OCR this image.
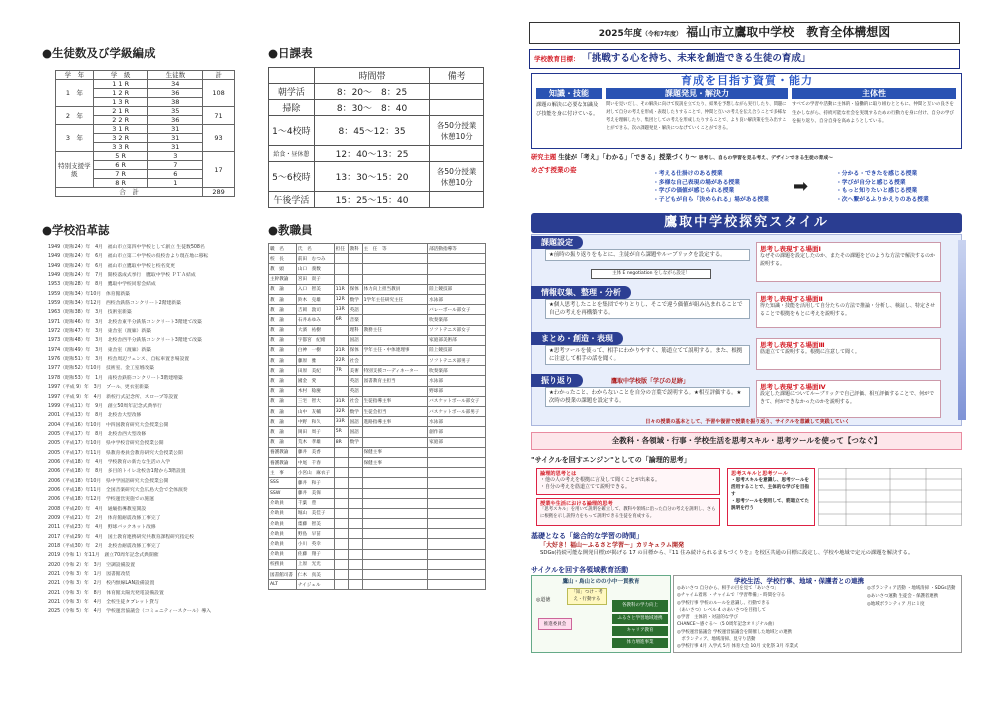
●生徒数及び学級編成
学　年	学　級	生徒数	計
1　年	1 1 R	34	108
	1 2 R	36	
	1 3 R	38	
2　年	2 1 R	35	71
	2 2 R	36	
3　年	3 1 R	31	93
	3 2 R	31	
	3 3 R	31	
特別支援学級	5 R	3	17
	6 R	7	
	7 R	6	
	8 R	1	
合　計			289
●学校沿革誌
1949（昭和24）年　4月　福山市立第四中学校として創立 生徒数508名
1949（昭和24）年　6月　福山市立第二中学校の仮校舎より現在地に移転
1949（昭和24）年　6月　福山市立鷹取中学校と校名変更
1949（昭和24）年　7月　開校落成式挙行　鷹取中学校 ＰＴＡ結成
1953（昭和28）年　8月　鷹取中学校同窓会結成
1959（昭和34）年10月　体育館新築
1959（昭和34）年12月　西校舎鉄筋コンクリート2階建新築
1963（昭和38）年　3月　技術室新築
1971（昭和46）年　3月　北校舎東半分鉄筋コンクリート3階建て改築
1972（昭和47）年　3月　東舎室（渡廊）新築
1973（昭和48）年　3月　北校舎西半分鉄筋コンクリート3階建て改築
1974（昭和49）年　3月　東舎室（渡廊）新築
1976（昭和51）年　3月　校舎周辺フェンス、自転車置き場設置
1977（昭和52）年10月　技術室、金工室増改築
1978（昭和53）年　1月　南校舎鉄筋コンクリート3階建増築
1997（平成 9）年　3月　プール、更衣室新築
1997（平成 9）年　4月　新校行式記念所、スロープ等設置
1999（平成11）年　9月　創立50周年記念式典挙行
2001（平成13）年　8月　北校舎大型改修
2004（平成16）年10月　中四国教育研究大会授業公開
2005（平成17）年　8月　北校舎西大型改修
2005（平成17）年10月　県中学校音研究会授業公開
2005（平成17）年11月　県教育委員会教育研究大会授業公開
2006（平成18）年　4月　学校教育の新たな生活の入学
2006（平成18）年　8月　多目的トイレ北校舎1階から3階設置
2006（平成18）年10月　県中学国語研究大会授業公開
2006（平成18）年11月　全国音楽研究大会広島大会で全体演奏
2006（平成18）年12月　学校運営実施での施運
2008（平成20）年　4月　通級指導教室開設
2009（平成21）年　2月　体育館耐震改修工事完了
2011（平成23）年　4月　野球バックネット改修
2017（平成29）年　4月　国土教育連携研究共教育課程研究指定校
2018（平成30）年　2月　北校舎耐震改修工事完了
2019（令和 1）年11月　創立70周年記念式典開催
2020（令和 2）年　3月　空調設備設置
2021（令和 3）年　1月　図書館改装
2021（令和 3）年　2月　校内無線LAN設備設置
2021（令和 3）年　8月　体育館太陽光発電設備設置
2021（令和 3）年　4月　全校生徒タブレット貸与
2025（令和 5）年　4月　学校運営協議会（コミュニティースクール）導入
●日課表
	時間帯	備考
朝学活	8：20〜　8：25	
掃除	8：30〜　8：40	
1〜4校時	8：45〜12：35	各50分授業 休憩10分
給食・昼休憩	12：40〜13：25	
5〜6校時	13：30〜15：20	各50分授業 休憩10分
午後学活	15：25〜15：40	
●教職員
職　名	氏　名	担任	教科	主　任　等	部活動指導等
校　長	前田　むつみ				
教　頭	山口　義数				
主幹教諭	宮田　貴子				
教　諭	入口　智美	11R	保体	体力向上担当教員	陸上競技部
教　諭	鈴木　克雄	12R	数学	1学年主任研究主任	水泳部
教　諭	吉岡　敦司	13R	英語		バレーボール部女子
教　諭	石井あゆみ	6R	音楽		吹奏楽部
教　諭	大濱　祐樹		理科	教務主任	ソフトテニス部女子
教　諭	宇都宮　紀緒		国語		家庭部美術部
教　諭	白神　一樹	21R	保体	学年主任・中体連理事	陸上競技部
教　諭	藤原　雅	22R	社会		ソフトテニス部男子
教　諭	田原　美紀	7R	美術	特別支援コーディネーター	吹奏楽部
教　諭	國金　愛		英語	図書教育主担当	水泳部
教　諭	木村　稔慶		英語		野球部
教　諭	三宅　智大	31R	社会	生徒指導主事	バスケットボール部女子
教　諭	山中　友輔	32R	数学	生徒会担当	バスケットボール部男子
教　諭	中野　和久	33R	国語	進路指導主事	水泳部
教　諭	岡田　周子	5R	国語		創作部
教　諭	荒木　孝雄	8R	数学		家庭部
養護教諭	藤井　美香			保健主事	
養護教諭	中尾　千春			保健主事	
主　事	小宮山　麻衣子				
SSS	藤井　和子				
SSW	藤井　美保				
介助員	千葉　豊				
介助員	堀山　美佳子				
介助員	齋藤　智美				
介助員	野島　早苗				
介助員	小川　英幸				
介助員	佐藤　翔子				
校務員	上原　光光				
図書館司書	仁木　真美				
ALT	ナイジェル				
2025年度（令和7年度） 福山市立鷹取中学校　教育全体構想図
学校教育目標： 「挑戦する心を持ち、未来を創造できる生徒の育成」
育成を目指す資質・能力
知識・技能
課題の解決に必要な知識及び技能を身に付けている。
課題発見・解決力
問いを見いだし、その解決に向けて仮説を立てたり、結果を予想しながら実行したり、問題に対して自分の考えを形成・表現したりすることで、仲間と互いの考えを伝え合うことで多様な考えを理解したり、集団としての考えを形成したりすることで、より良い解決策を生み出すことができる。次の課題発見・解決につなげていくことができる。
主体性
すべての学習や活動に主体的・協働的に取り組むとともに、仲間と互いの良さを生かしながら、持続可能な社会を実現するための行動力を身に付け、自分の学びを振り返り、自分自身を高めようとしている。
研究主題 生徒が「考え」「わかる」「できる」授業づくり〜 思考し、自らの学習を見る考え、デザインできる生徒の育成〜
めざす授業の姿	・考える仕掛けのある授業
・多様な自己表現の場がある授業
・学びの価値が感じられる授業
・子どもが自ら「決められる」場がある授業
➡
・分かる・できたを感じる授業
・学びが自分と感じる授業
・もっと知りたいと感じる授業
・次へ繋がるふりかえりのある授業
鷹取中学校探究スタイル
課題設定
★前時の振り返りをもとに、主徒が自ら課題やルーブリックを設定する。
主体 E negotiation をしながら設定！
思考し表現する場面Ⅰ
なぜその課題を設定したのか、またその課題をどのような方法で解決するのか説明する。
情報収集、整理・分析
★個人思考したことを集団でやりとりし、そこで違う価値が組み込まれることで自己の考えを再構築する。
思考し表現する場面Ⅱ
得た知識・技能を活用して自分たちの方法で推論・分析し、検証し、特定させることで根拠をもとに考えを説明する。
まとめ・創造・表現
★思考ツールを使って、相手にわかりやすく、筋道立てて説明する。また、根拠に注意して相手の話を聞く。
思考し表現する場面Ⅲ
筋道立てて説明する。根拠に注意して聞く。
振り返り
★わかったこと、わからないことを自分の言葉で説明する。★相互評価する。★次時の授業の課題を設定する。
鷹取中学校版「学びの足跡」
思考し表現する場面Ⅳ
設定した課題についてルーブリックで自己評価、相互評価することで、何ができて、何ができなかったのかを説明する。
日々の授業の基本として、予習や復習で授業を振り返り、サイクルを意識して実践していく
全教科・各領域・行事・学校生活を思考スキル・思考ツールを使って【つなぐ】
"サイクルを回すエンジン"としての「論理的思考」
論理的思考とは
・他の人の考えを根拠に言及して聞くことが出来る。
・自分の考えを筋道立てて説明できる。
授業や生活における論理的思考
「思考スキル」を用いて説明を確立して、教科や領域に沿った自分の考えを説明し、さらに根拠を示し説得力をもって説明できる生徒を育成する。
思考スキルと思考ツール
・思考スキルを意識し、思考ツールを活用することで、主体的な学びを目指す
・思考ツールを使用して、筋道立てた説明を行う
基礎となる「総合的な学習の時間」
「大好き！福山〜ふるさと学習〜」カリキュラム開発
SDGs(持続可能な開発目標)が掲げる 17 の目標から、『11 住み続けられるまちづくりを』を校区共通の目標に設定し、学校や地域で定元の課題を解決する。
サイクルを回す各領域教育活動
鷹山・鳥山とのの小中一貫教育
「知」つけ・考え・行動する
◎道徳
推進委員会
各教科の学力向上
ふるさと学習地域連携
キャリア教育
体力増進事業
学校生活、学校行事、地域・保護者との連携
◎あいさつ 自分から、相手の目を見て「あいさつ」
◎チャイム着席 ・チャイムで「学習準備」・時間を守る
◎学校行事 学校のルールを意識し、行動できる
（あいさつ）レベル 4 のあいさつを目指して
◎学習　主体的・対話的な学び
CHANCE〜感ぐる〜（5 0周年記念オリジナル曲）
◎学校運営協議会 学校運営協議会を開催した地域との連携
　ボランティア、地域清掃、見守り活動
◎学校行事 4月 入学式 5月 体育大会 10月 文化祭 3月 卒業式
◎ボランティア活動 ・地域清掃 ・SDGs活動
◎あいさつ運動 生徒会・保護者連携
◎地域ボランティア 月に１度
